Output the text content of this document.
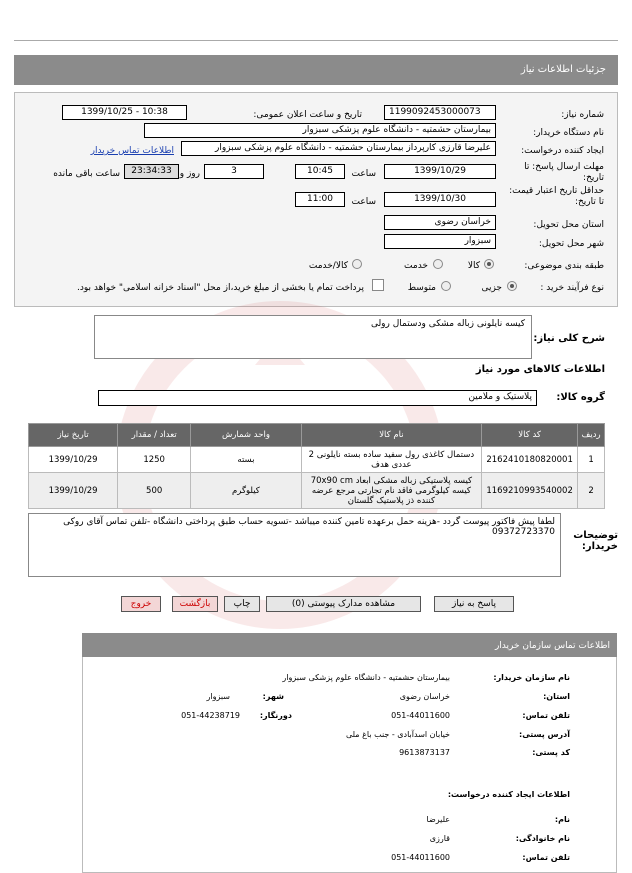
جزئیات اطلاعات نیاز
شماره نیاز:
1199092453000073
تاریخ و ساعت اعلان عمومی:
1399/10/25 - 10:38
نام دستگاه خریدار:
بیمارستان حشمتیه - دانشگاه علوم پزشکی سبزوار
ایجاد کننده درخواست:
علیرضا قارزی کارپرداز بیمارستان حشمتیه - دانشگاه علوم پزشکی سبزوار
اطلاعات تماس خریدار
مهلت ارسال پاسخ: تا تاریخ:
1399/10/29
ساعت
10:45
3
روز و
23:34:33
ساعت باقی مانده
حداقل تاریخ اعتبار قیمت: تا تاریخ:
1399/10/30
ساعت
11:00
استان محل تحویل:
خراسان رضوی
شهر محل تحویل:
سبزوار
طبقه بندی موضوعی:
کالا
خدمت
کالا/خدمت
نوع فرآیند خرید :
جزیی
متوسط
پرداخت تمام یا بخشی از مبلغ خرید،از محل "اسناد خزانه اسلامی" خواهد بود.
شرح کلی نیاز:
کیسه نایلونی زباله مشکی ودستمال رولی
اطلاعات کالاهای مورد نیاز
گروه کالا:
پلاستیک و ملامین
ردیف	کد کالا	نام کالا	واحد شمارش	تعداد / مقدار	تاریخ نیاز
1	2162410180820001	دستمال کاغذی رول سفید ساده بسته نایلونی 2 عددی هدف	بسته	1250	1399/10/29
2	1169210993540002	کیسه پلاستیکی زباله مشکی ابعاد 70x90 cm کیسه کیلوگرمی فاقد نام تجارتی مرجع عرضه کننده ذز پلاستیک گلستان	کیلوگرم	500	1399/10/29
توضیحات خریدار:
لطفا پیش فاکتور پیوست گردد -هزینه حمل برعهده تامین کننده میباشد -تسویه حساب طبق پرداختی دانشگاه -تلفن تماس آقای روکی 09372723370
پاسخ به نیاز
مشاهده مدارک پیوستی (0)
چاپ
بازگشت
خروج
اطلاعات تماس سازمان خریدار
نام سازمان خریدار:
بیمارستان حشمتیه - دانشگاه علوم پزشکی سبزوار
استان:
خراسان رضوی
شهر:
سبزوار
تلفن تماس:
051-44011600
دورنگار:
051-44238719
آدرس پستی:
خیابان اسدآبادی - جنب باغ ملی
کد پستی:
9613873137
اطلاعات ایجاد کننده درخواست:
نام:
علیرضا
نام خانوادگی:
قارزی
تلفن تماس:
051-44011600
